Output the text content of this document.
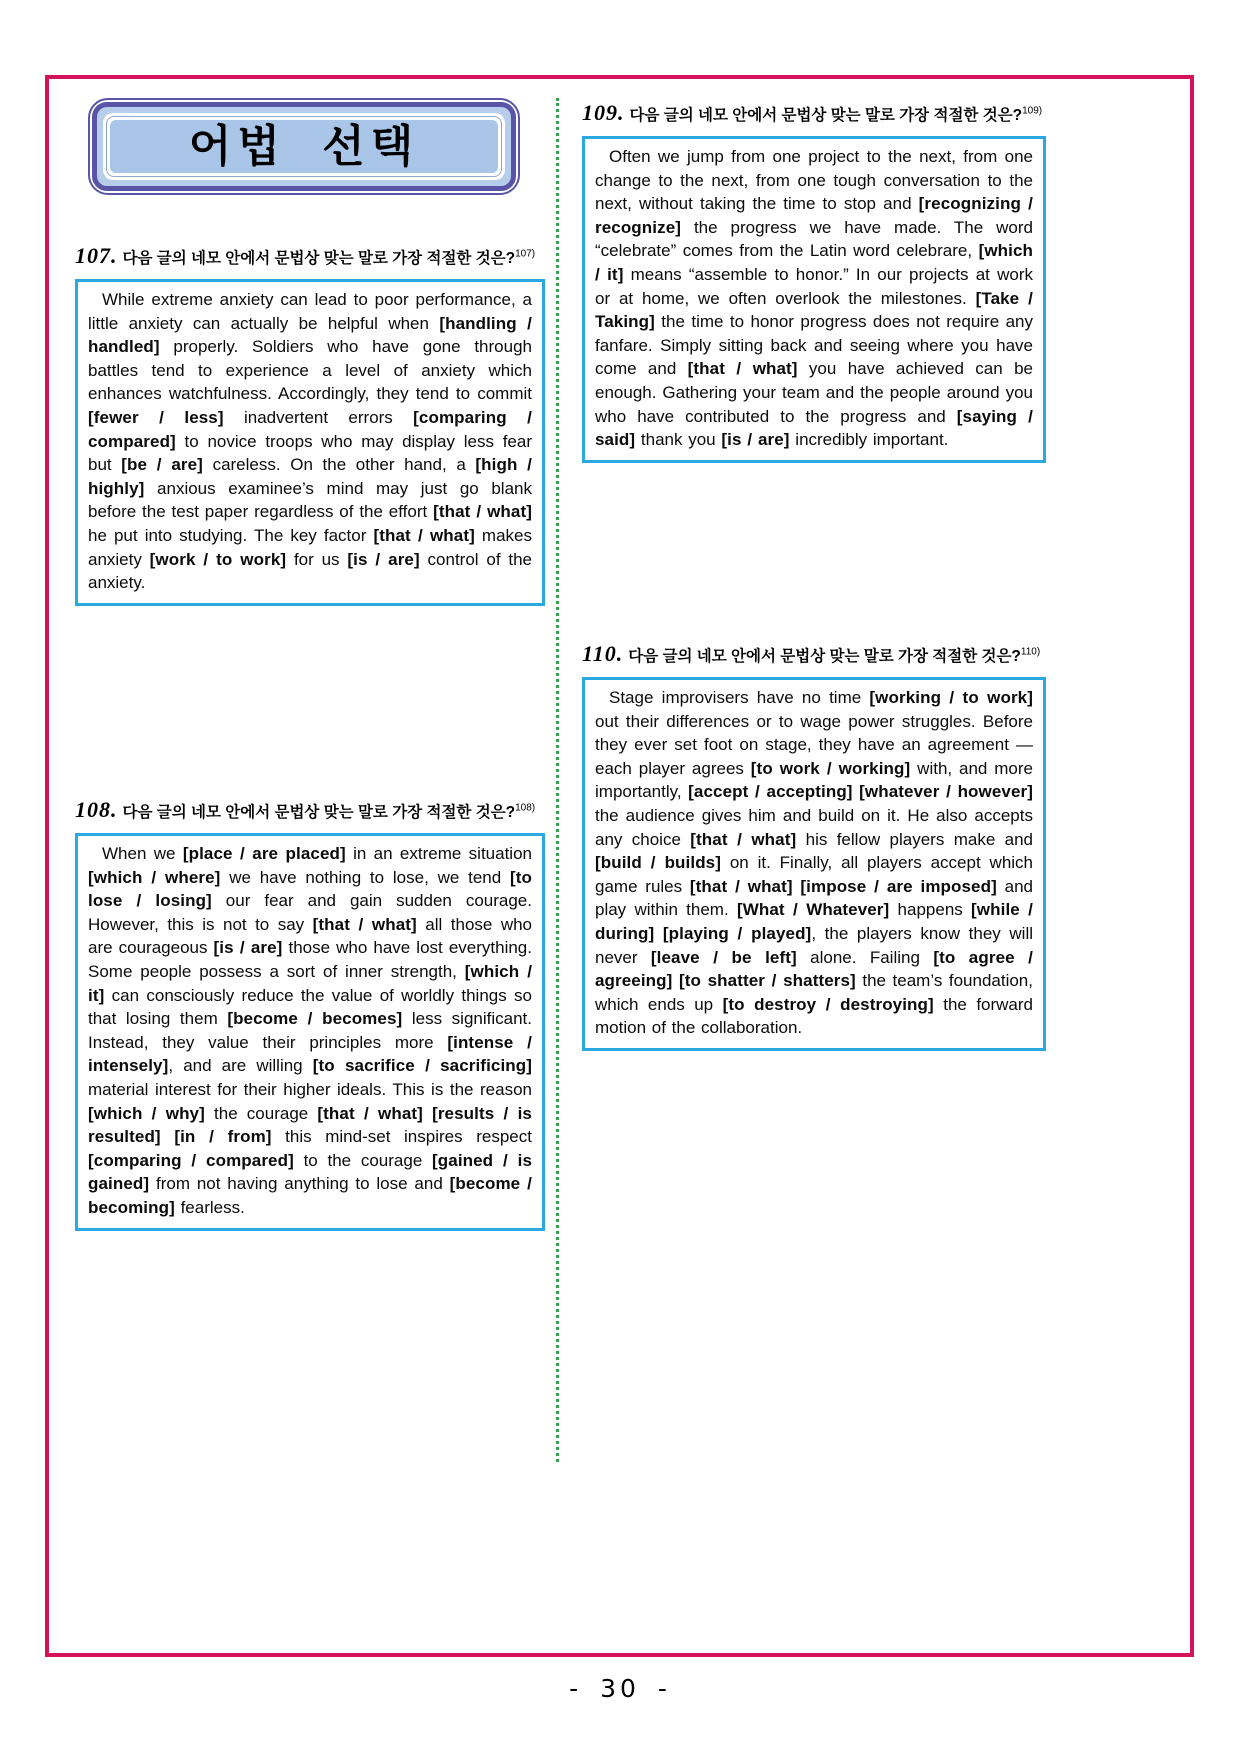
어법 선택
107. 다음 글의 네모 안에서 문법상 맞는 말로 가장 적절한 것은?$^{107)}$
While extreme anxiety can lead to poor performance, a little anxiety can actually be helpful when [handling / handled] properly. Soldiers who have gone through battles tend to experience a level of anxiety which enhances watchfulness. Accordingly, they tend to commit [fewer / less] inadvertent errors [comparing / compared] to novice troops who may display less fear but [be / are] careless. On the other hand, a [high / highly] anxious examinee’s mind may just go blank before the test paper regardless of the effort [that / what] he put into studying. The key factor [that / what] makes anxiety [work / to work] for us [is / are] control of the anxiety.
108. 다음 글의 네모 안에서 문법상 맞는 말로 가장 적절한 것은?$^{108)}$
When we [place / are placed] in an extreme situation [which / where] we have nothing to lose, we tend [to lose / losing] our fear and gain sudden courage. However, this is not to say [that / what] all those who are courageous [is / are] those who have lost everything. Some people possess a sort of inner strength, [which / it] can consciously reduce the value of worldly things so that losing them [become / becomes] less significant. Instead, they value their principles more [intense / intensely], and are willing [to sacrifice / sacrificing] material interest for their higher ideals. This is the reason [which / why] the courage [that / what] [results / is resulted] [in / from] this mind-set inspires respect [comparing / compared] to the courage [gained / is gained] from not having anything to lose and [become / becoming] fearless.
109. 다음 글의 네모 안에서 문법상 맞는 말로 가장 적절한 것은?$^{109)}$
Often we jump from one project to the next, from one change to the next, from one tough conversation to the next, without taking the time to stop and [recognizing / recognize] the progress we have made. The word “celebrate” comes from the Latin word celebrare, [which / it] means “assemble to honor.” In our projects at work or at home, we often overlook the milestones. [Take / Taking] the time to honor progress does not require any fanfare. Simply sitting back and seeing where you have come and [that / what] you have achieved can be enough. Gathering your team and the people around you who have contributed to the progress and [saying / said] thank you [is / are] incredibly important.
110. 다음 글의 네모 안에서 문법상 맞는 말로 가장 적절한 것은?$^{110)}$
Stage improvisers have no time [working / to work] out their differences or to wage power struggles. Before they ever set foot on stage, they have an agreement — each player agrees [to work / working] with, and more importantly, [accept / accepting] [whatever / however] the audience gives him and build on it. He also accepts any choice [that / what] his fellow players make and [build / builds] on it. Finally, all players accept which game rules [that / what] [impose / are imposed] and play within them. [What / Whatever] happens [while / during] [playing / played], the players know they will never [leave / be left] alone. Failing [to agree / agreeing] [to shatter / shatters] the team’s foundation, which ends up [to destroy / destroying] the forward motion of the collaboration.
- 30 -
